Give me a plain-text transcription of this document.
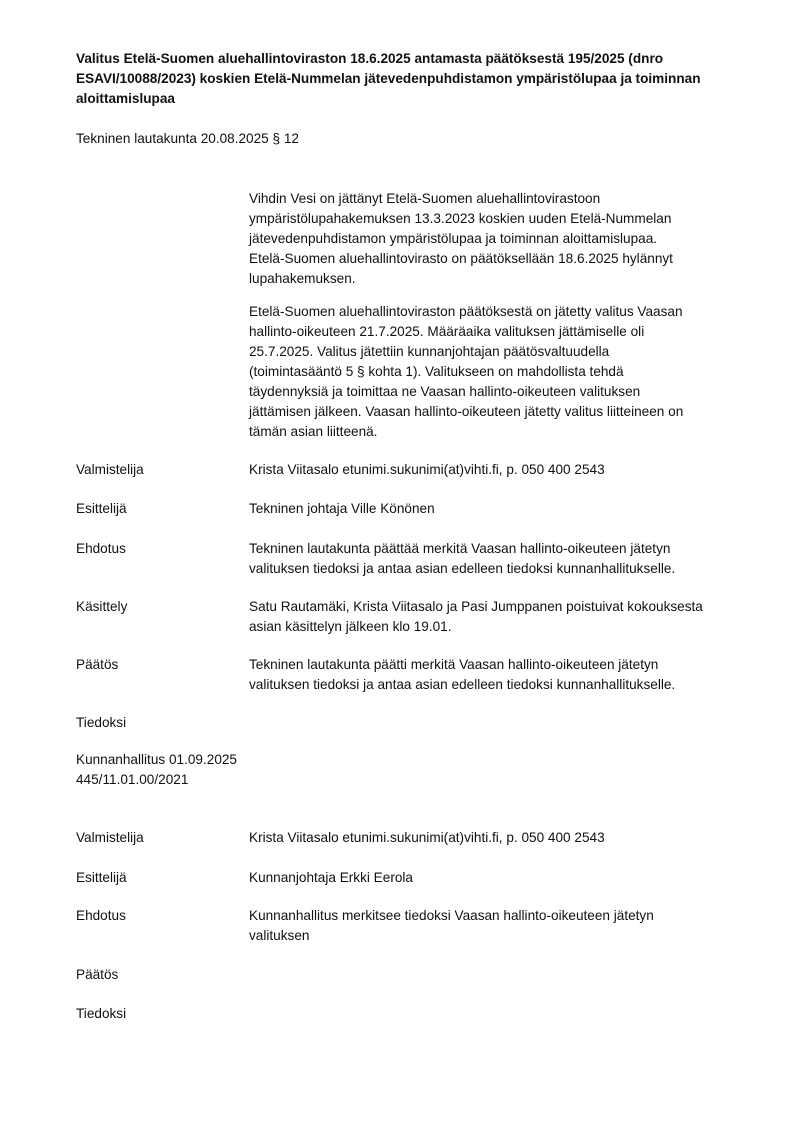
Valitus Etelä-Suomen aluehallintoviraston 18.6.2025 antamasta päätöksestä 195/2025 (dnro
ESAVI/10088/2023) koskien Etelä-Nummelan jätevedenpuhdistamon ympäristölupaa ja toiminnan
aloittamislupaa
Tekninen lautakunta 20.08.2025 § 12
Vihdin Vesi on jättänyt Etelä-Suomen aluehallintovirastoon
ympäristölupahakemuksen 13.3.2023 koskien uuden Etelä-Nummelan
jätevedenpuhdistamon ympäristölupaa ja toiminnan aloittamislupaa.
Etelä-Suomen aluehallintovirasto on päätöksellään 18.6.2025 hylännyt
lupahakemuksen.
Etelä-Suomen aluehallintoviraston päätöksestä on jätetty valitus Vaasan
hallinto-oikeuteen 21.7.2025. Määräaika valituksen jättämiselle oli
25.7.2025. Valitus jätettiin kunnanjohtajan päätösvaltuudella
(toimintasääntö 5 § kohta 1). Valitukseen on mahdollista tehdä
täydennyksiä ja toimittaa ne Vaasan hallinto-oikeuteen valituksen
jättämisen jälkeen. Vaasan hallinto-oikeuteen jätetty valitus liitteineen on
tämän asian liitteenä.
Valmistelija	Krista Viitasalo etunimi.sukunimi(at)vihti.fi, p. 050 400 2543
Esittelijä	Tekninen johtaja Ville Könönen
Ehdotus	Tekninen lautakunta päättää merkitä Vaasan hallinto-oikeuteen jätetyn
valituksen tiedoksi ja antaa asian edelleen tiedoksi kunnanhallitukselle.
Käsittely	Satu Rautamäki, Krista Viitasalo ja Pasi Jumppanen poistuivat kokouksesta
asian käsittelyn jälkeen klo 19.01.
Päätös	Tekninen lautakunta päätti merkitä Vaasan hallinto-oikeuteen jätetyn
valituksen tiedoksi ja antaa asian edelleen tiedoksi kunnanhallitukselle.
Tiedoksi
Kunnanhallitus 01.09.2025
445/11.01.00/2021
Valmistelija	Krista Viitasalo etunimi.sukunimi(at)vihti.fi, p. 050 400 2543
Esittelijä	Kunnanjohtaja Erkki Eerola
Ehdotus	Kunnanhallitus merkitsee tiedoksi Vaasan hallinto-oikeuteen jätetyn
valituksen
Päätös
Tiedoksi
